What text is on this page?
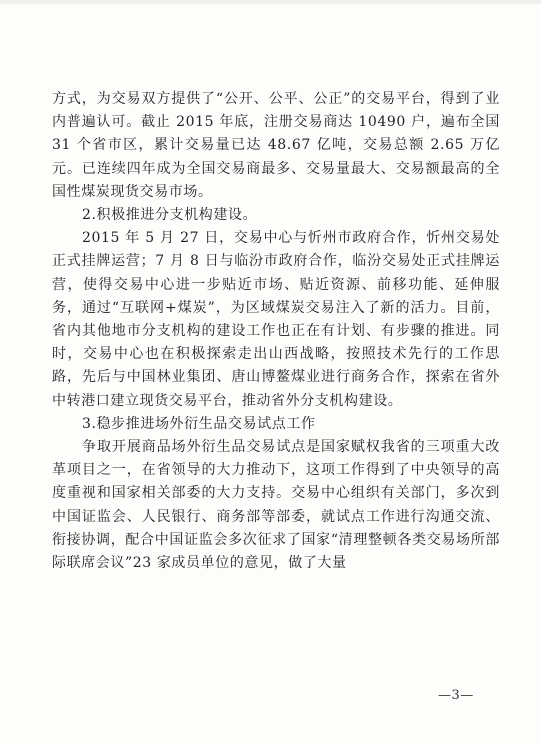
方式，为交易双方提供了“公开、公平、公正”的交易平台，得到了业内普遍认可。截止 2015 年底，注册交易商达 10490 户，遍布全国 31 个省市区，累计交易量已达 48.67 亿吨，交易总额 2.65 万亿元。已连续四年成为全国交易商最多、交易量最大、交易额最高的全国性煤炭现货交易市场。

2.积极推进分支机构建设。

2015 年 5 月 27 日，交易中心与忻州市政府合作，忻州交易处正式挂牌运营；7 月 8 日与临汾市政府合作，临汾交易处正式挂牌运营，使得交易中心进一步贴近市场、贴近资源、前移功能、延伸服务，通过“互联网+煤炭”，为区域煤炭交易注入了新的活力。目前，省内其他地市分支机构的建设工作也正在有计划、有步骤的推进。同时，交易中心也在积极探索走出山西战略，按照技术先行的工作思路，先后与中国林业集团、唐山博鳌煤业进行商务合作，探索在省外中转港口建立现货交易平台，推动省外分支机构建设。

3.稳步推进场外衍生品交易试点工作

争取开展商品场外衍生品交易试点是国家赋权我省的三项重大改革项目之一，在省领导的大力推动下，这项工作得到了中央领导的高度重视和国家相关部委的大力支持。交易中心组织有关部门，多次到中国证监会、人民银行、商务部等部委，就试点工作进行沟通交流、衔接协调，配合中国证监会多次征求了国家“清理整顿各类交易场所部际联席会议”23 家成员单位的意见，做了大量

—3—
